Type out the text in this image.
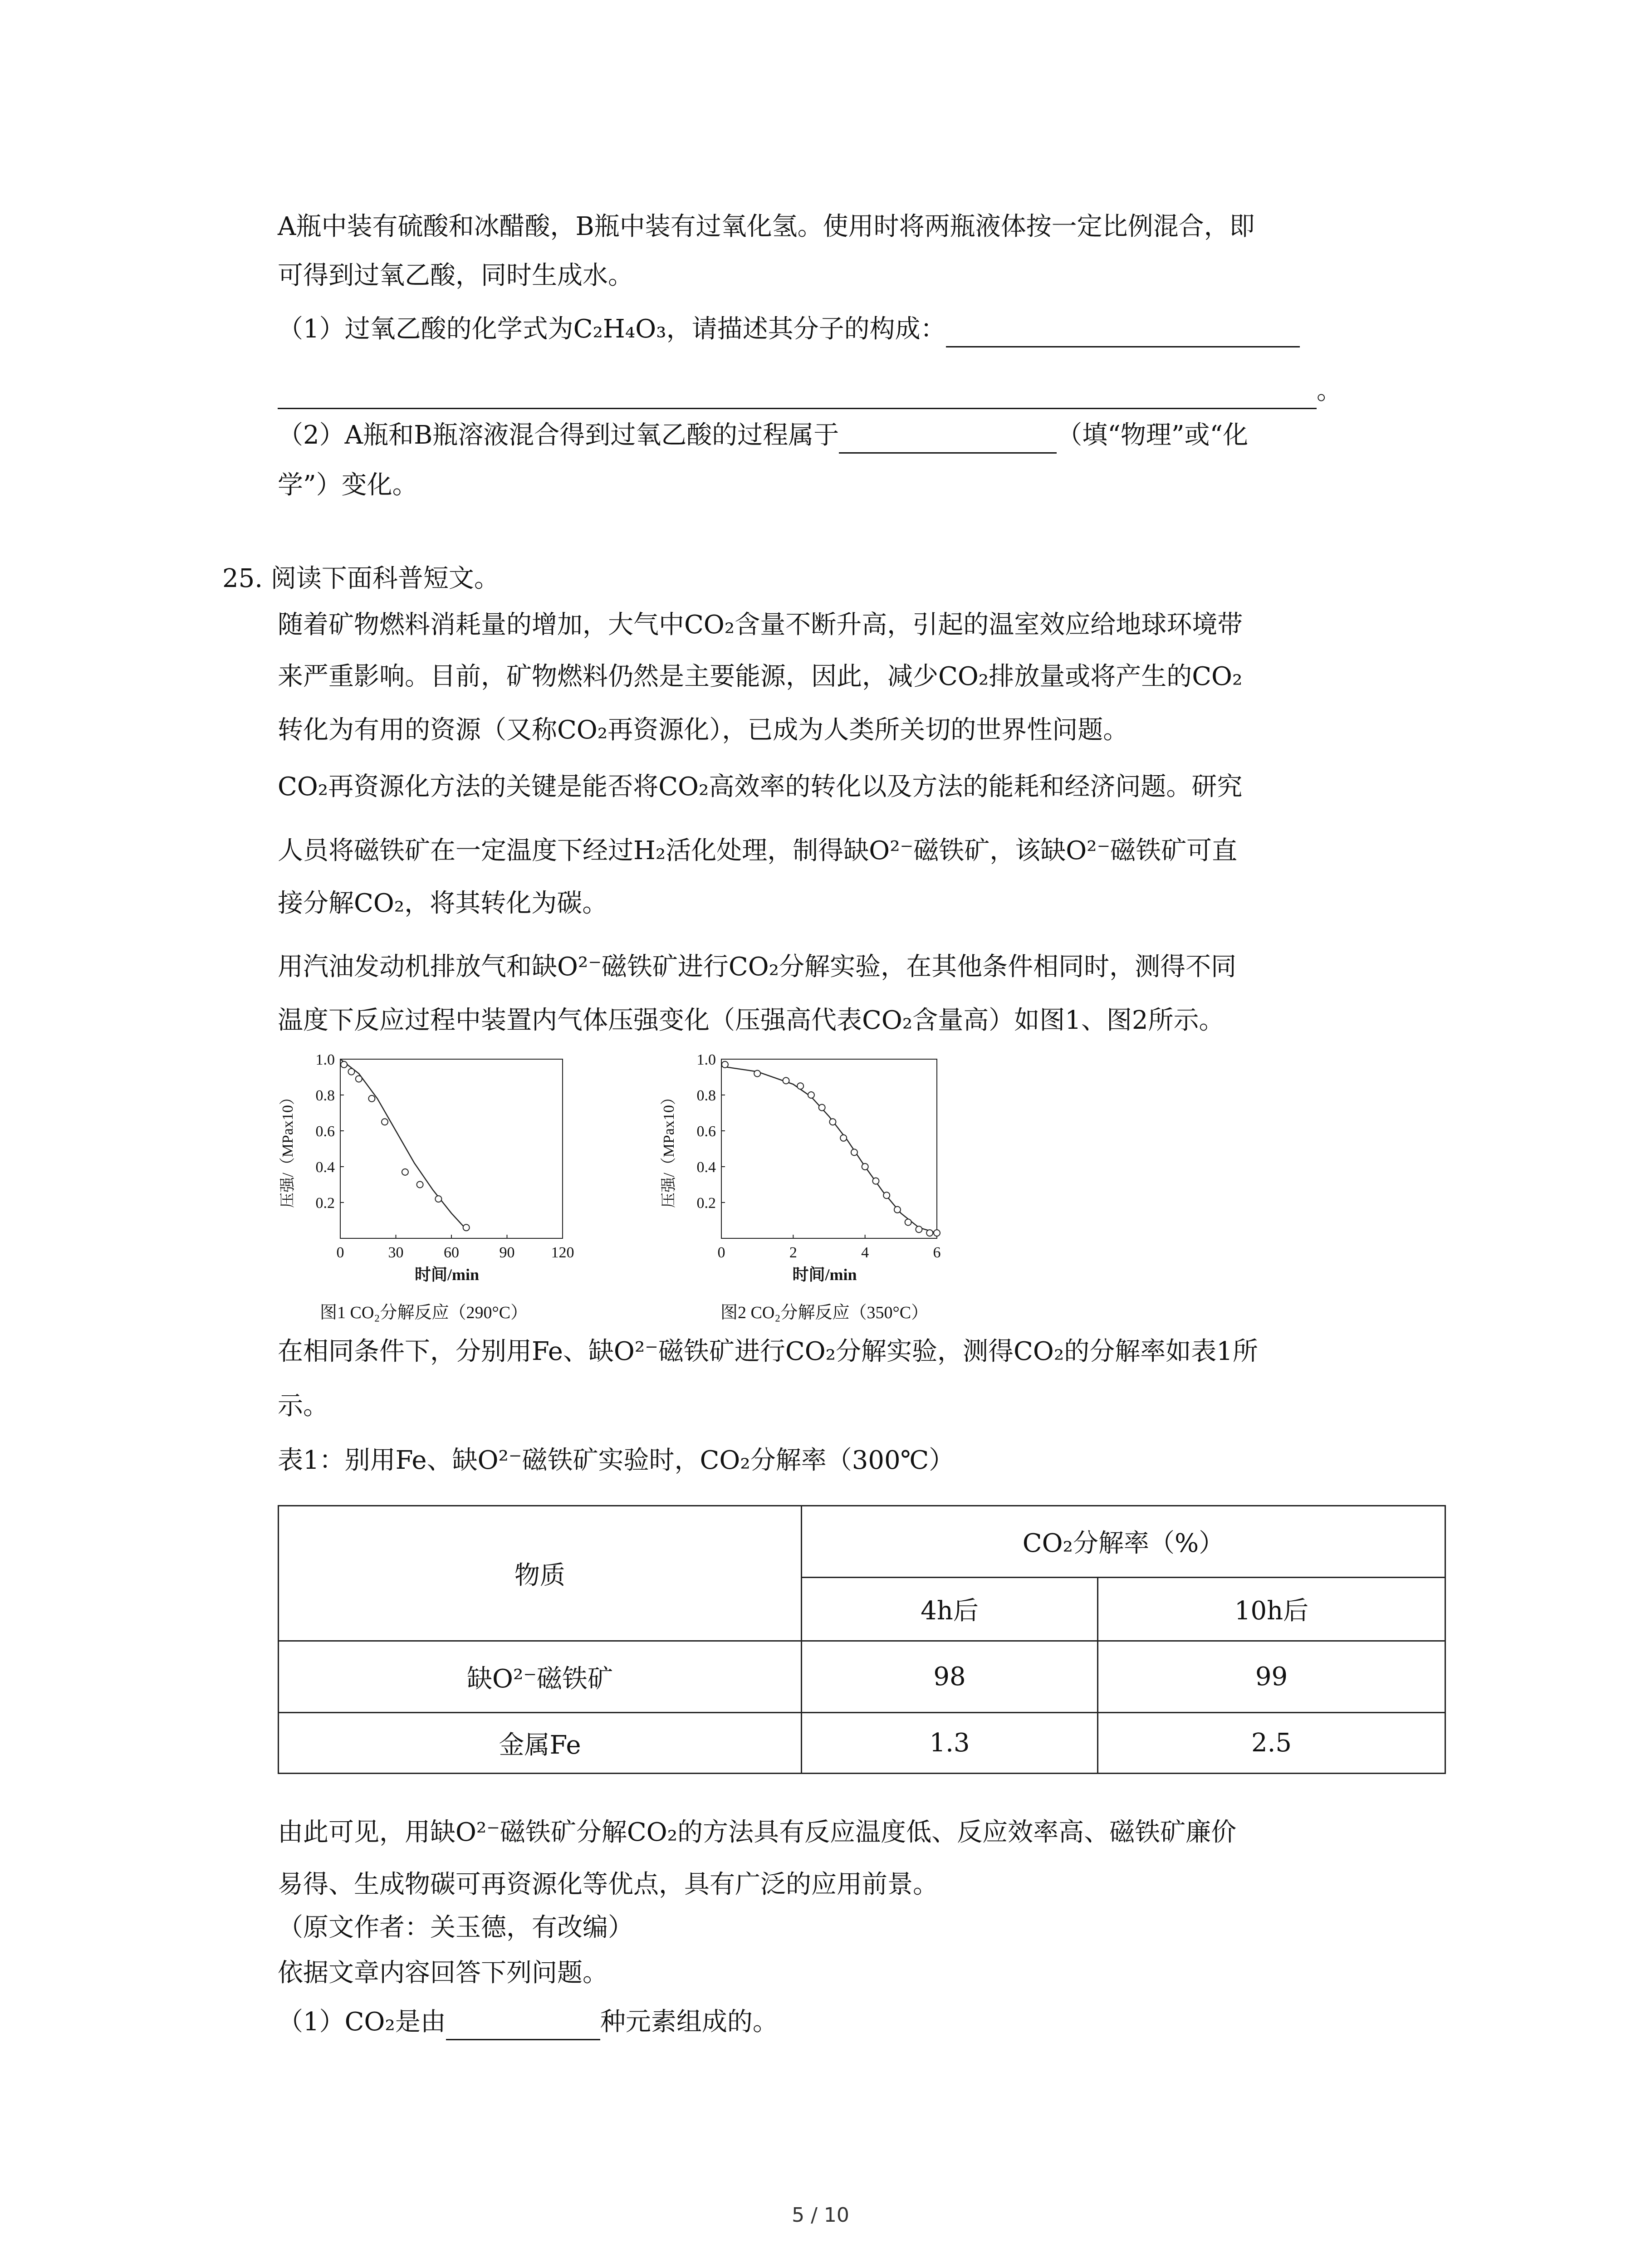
A瓶中装有硫酸和冰醋酸，B瓶中装有过氧化氢。使用时将两瓶液体按一定比例混合，即
可得到过氧乙酸，同时生成水。
（1）过氧乙酸的化学式为C₂H₄O₃，请描述其分子的构成：
。
（2）A瓶和B瓶溶液混合得到过氧乙酸的过程属于	（填“物理”或“化
学”）变化。
25. 阅读下面科普短文。
随着矿物燃料消耗量的增加，大气中CO₂含量不断升高，引起的温室效应给地球环境带
来严重影响。目前，矿物燃料仍然是主要能源，因此，减少CO₂排放量或将产生的CO₂
转化为有用的资源（又称CO₂再资源化），已成为人类所关切的世界性问题。
CO₂再资源化方法的关键是能否将CO₂高效率的转化以及方法的能耗和经济问题。研究
人员将磁铁矿在一定温度下经过H₂活化处理，制得缺O²⁻磁铁矿，该缺O²⁻磁铁矿可直
接分解CO₂，将其转化为碳。
用汽油发动机排放气和缺O²⁻磁铁矿进行CO₂分解实验，在其他条件相同时，测得不同
温度下反应过程中装置内气体压强变化（压强高代表CO₂含量高）如图1、图2所示。
0.2
0.4
0.6
0.8
1.0
0	30	60	90 120
时间/min
压强/（MPax10）
图1 CO₂分解反应（290°C）
0.2
0.4
0.6
0.8
1.0
0	2	4	6
时间/min
压强/（MPax10）
图2 CO₂分解反应（350°C）
在相同条件下，分别用Fe、缺O²⁻磁铁矿进行CO₂分解实验，测得CO₂的分解率如表1所
示。
表1：别用Fe、缺O²⁻磁铁矿实验时，CO₂分解率（300℃）
物质	CO₂分解率（%）	
	4h后	10h后
缺O²⁻磁铁矿	98	99
金属Fe	1.3	2.5
由此可见，用缺O²⁻磁铁矿分解CO₂的方法具有反应温度低、反应效率高、磁铁矿廉价
易得、生成物碳可再资源化等优点，具有广泛的应用前景。
（原文作者：关玉德，有改编）
依据文章内容回答下列问题。
（1）CO₂是由	种元素组成的。
5 / 10
